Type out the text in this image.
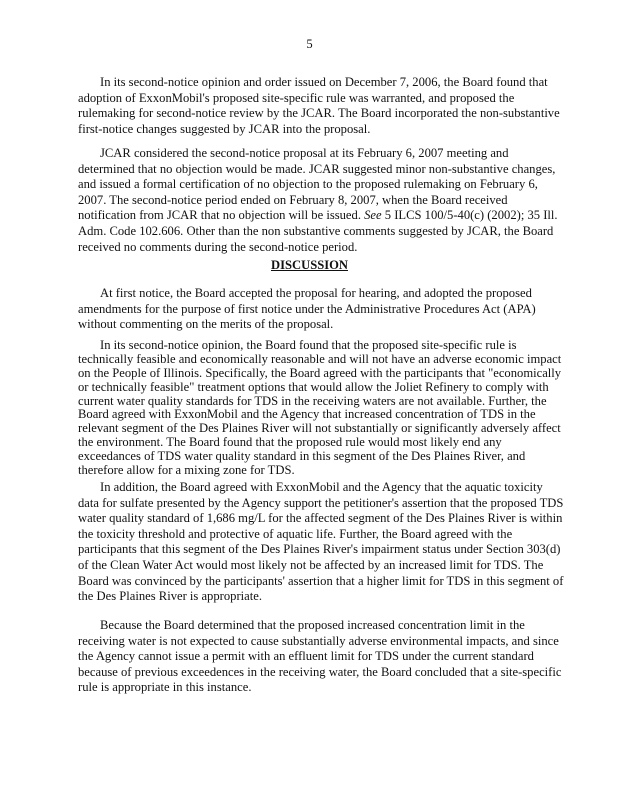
5
In its second-notice opinion and order issued on December 7, 2006, the Board found that
adoption of ExxonMobil's proposed site-specific rule was warranted, and proposed the
rulemaking for second-notice review by the JCAR. The Board incorporated the non-substantive
first-notice changes suggested by JCAR into the proposal.
JCAR considered the second-notice proposal at its February 6, 2007 meeting and
determined that no objection would be made. JCAR suggested minor non-substantive changes,
and issued a formal certification of no objection to the proposed rulemaking on February 6,
2007. The second-notice period ended on February 8, 2007, when the Board received
notification from JCAR that no objection will be issued. See 5 ILCS 100/5-40(c) (2002); 35 Ill.
Adm. Code 102.606. Other than the non substantive comments suggested by JCAR, the Board
received no comments during the second-notice period.
DISCUSSION
At first notice, the Board accepted the proposal for hearing, and adopted the proposed
amendments for the purpose of first notice under the Administrative Procedures Act (APA)
without commenting on the merits of the proposal.
In its second-notice opinion, the Board found that the proposed site-specific rule is
technically feasible and economically reasonable and will not have an adverse economic impact
on the People of Illinois. Specifically, the Board agreed with the participants that "economically
or technically feasible" treatment options that would allow the Joliet Refinery to comply with
current water quality standards for TDS in the receiving waters are not available. Further, the
Board agreed with ExxonMobil and the Agency that increased concentration of TDS in the
relevant segment of the Des Plaines River will not substantially or significantly adversely affect
the environment. The Board found that the proposed rule would most likely end any
exceedances of TDS water quality standard in this segment of the Des Plaines River, and
therefore allow for a mixing zone for TDS.
In addition, the Board agreed with ExxonMobil and the Agency that the aquatic toxicity
data for sulfate presented by the Agency support the petitioner's assertion that the proposed TDS
water quality standard of 1,686 mg/L for the affected segment of the Des Plaines River is within
the toxicity threshold and protective of aquatic life. Further, the Board agreed with the
participants that this segment of the Des Plaines River's impairment status under Section 303(d)
of the Clean Water Act would most likely not be affected by an increased limit for TDS. The
Board was convinced by the participants' assertion that a higher limit for TDS in this segment of
the Des Plaines River is appropriate.
Because the Board determined that the proposed increased concentration limit in the
receiving water is not expected to cause substantially adverse environmental impacts, and since
the Agency cannot issue a permit with an effluent limit for TDS under the current standard
because of previous exceedences in the receiving water, the Board concluded that a site-specific
rule is appropriate in this instance.
